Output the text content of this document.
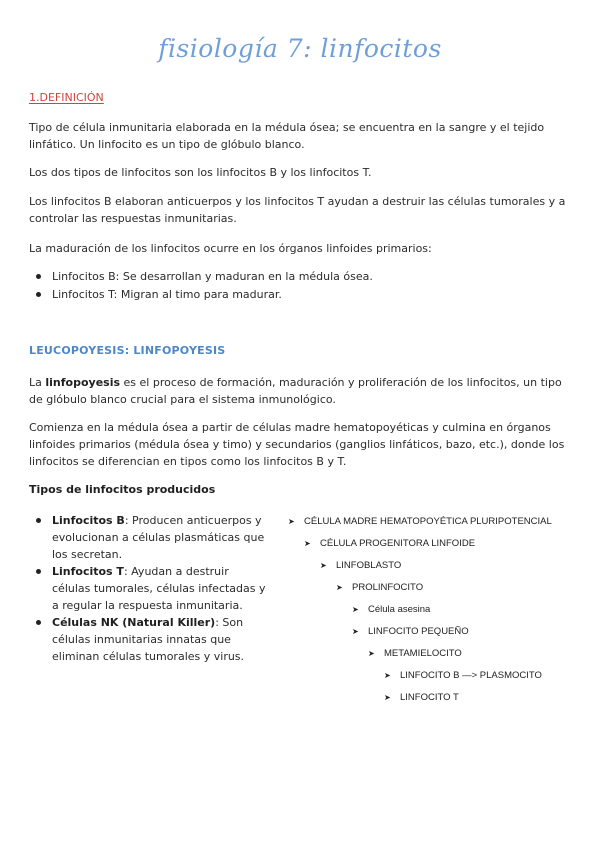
fisiología 7: linfocitos
1.DEFINICIÓN
Tipo de célula inmunitaria elaborada en la médula ósea; se encuentra en la sangre y el tejido linfático. Un linfocito es un tipo de glóbulo blanco.
Los dos tipos de linfocitos son los linfocitos B y los linfocitos T.
Los linfocitos B elaboran anticuerpos y los linfocitos T ayudan a destruir las células tumorales y a controlar las respuestas inmunitarias.
La maduración de los linfocitos ocurre en los órganos linfoides primarios:
Linfocitos B: Se desarrollan y maduran en la médula ósea.
Linfocitos T: Migran al timo para madurar.
LEUCOPOYESIS: LINFOPOYESIS
La linfopoyesis es el proceso de formación, maduración y proliferación de los linfocitos, un tipo de glóbulo blanco crucial para el sistema inmunológico.
Comienza en la médula ósea a partir de células madre hematopoyéticas y culmina en órganos linfoides primarios (médula ósea y timo) y secundarios (ganglios linfáticos, bazo, etc.), donde los linfocitos se diferencian en tipos como los linfocitos B y T.
Tipos de linfocitos producidos
Linfocitos B: Producen anticuerpos y evolucionan a células plasmáticas que los secretan.
Linfocitos T: Ayudan a destruir células tumorales, células infectadas y a regular la respuesta inmunitaria.
Células NK (Natural Killer): Son células inmunitarias innatas que eliminan células tumorales y virus.
➤ CÉLULA MADRE HEMATOPOYÉTICA PLURIPOTENCIAL
➤ CÉLULA PROGENITORA LINFOIDE
➤ LINFOBLASTO
➤ PROLINFOCITO
➤ Célula asesina
➤ LINFOCITO PEQUEÑO
➤ METAMIELOCITO
➤ LINFOCITO B —> PLASMOCITO
➤ LINFOCITO T
